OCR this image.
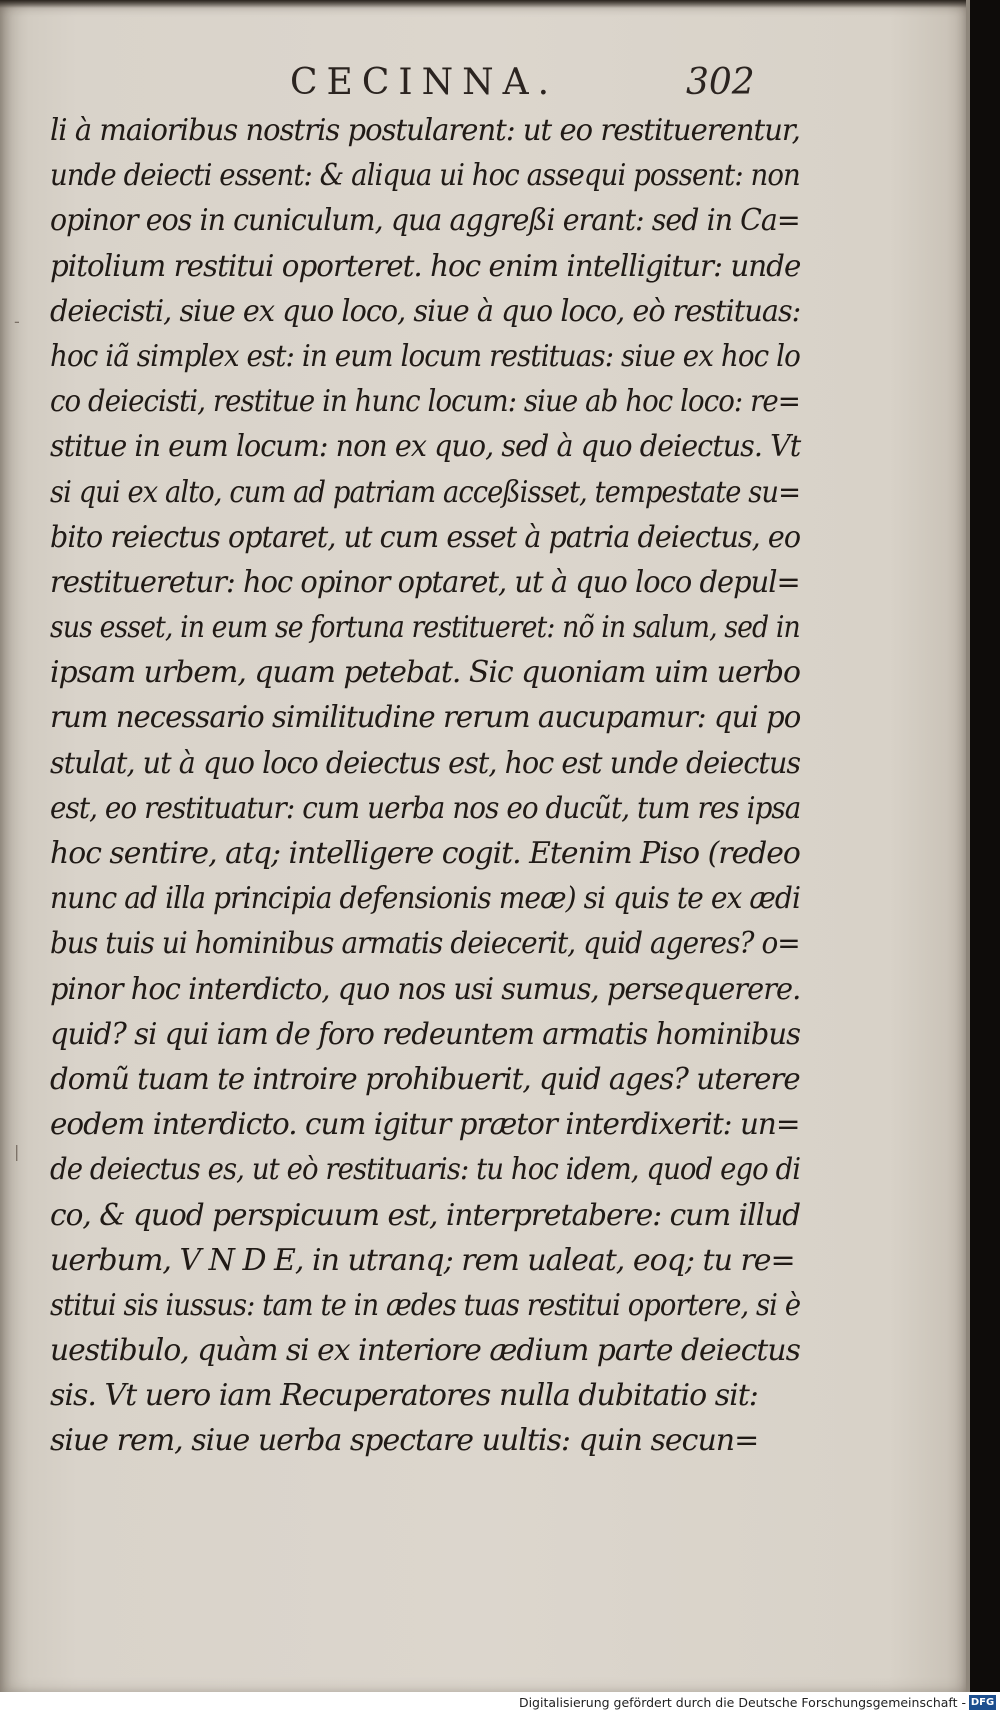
CECINNA.	302
-
|
li à maioribus nostris postularent: ut eo restituerentur,
unde deiecti essent: & aliqua ui hoc assequi possent: non
opinor eos in cuniculum, qua aggreßi erant: sed in Ca=
pitolium restitui oporteret. hoc enim intelligitur: unde
deiecisti, siue ex quo loco, siue à quo loco, eò restituas:
hoc iã simplex est: in eum locum restituas: siue ex hoc lo
co deiecisti, restitue in hunc locum: siue ab hoc loco: re=
stitue in eum locum: non ex quo, sed à quo deiectus. Vt
si qui ex alto, cum ad patriam acceßisset, tempestate su=
bito reiectus optaret, ut cum esset à patria deiectus, eo
restitueretur: hoc opinor optaret, ut à quo loco depul=
sus esset, in eum se fortuna restitueret: nõ in salum, sed in
ipsam urbem, quam petebat. Sic quoniam uim uerbo
rum necessario similitudine rerum aucupamur: qui po
stulat, ut à quo loco deiectus est, hoc est unde deiectus
est, eo restituatur: cum uerba nos eo ducũt, tum res ipsa
hoc sentire, atq; intelligere cogit. Etenim Piso (redeo
nunc ad illa principia defensionis meæ) si quis te ex ædi
bus tuis ui hominibus armatis deiecerit, quid ageres? o=
pinor hoc interdicto, quo nos usi sumus, persequerere.
quid? si qui iam de foro redeuntem armatis hominibus
domũ tuam te introire prohibuerit, quid ages? uterere
eodem interdicto. cum igitur prætor interdixerit: un=
de deiectus es, ut eò restituaris: tu hoc idem, quod ego di
co, & quod perspicuum est, interpretabere: cum illud
uerbum, V N D E, in utranq; rem ualeat, eoq; tu re=
stitui sis iussus: tam te in ædes tuas restitui oportere, si è
uestibulo, quàm si ex interiore ædium parte deiectus
sis. Vt uero iam Recuperatores nulla dubitatio sit:
siue rem, siue uerba spectare uultis: quin secun=
Digitalisierung gefördert durch die Deutsche Forschungsgemeinschaft - DFG
